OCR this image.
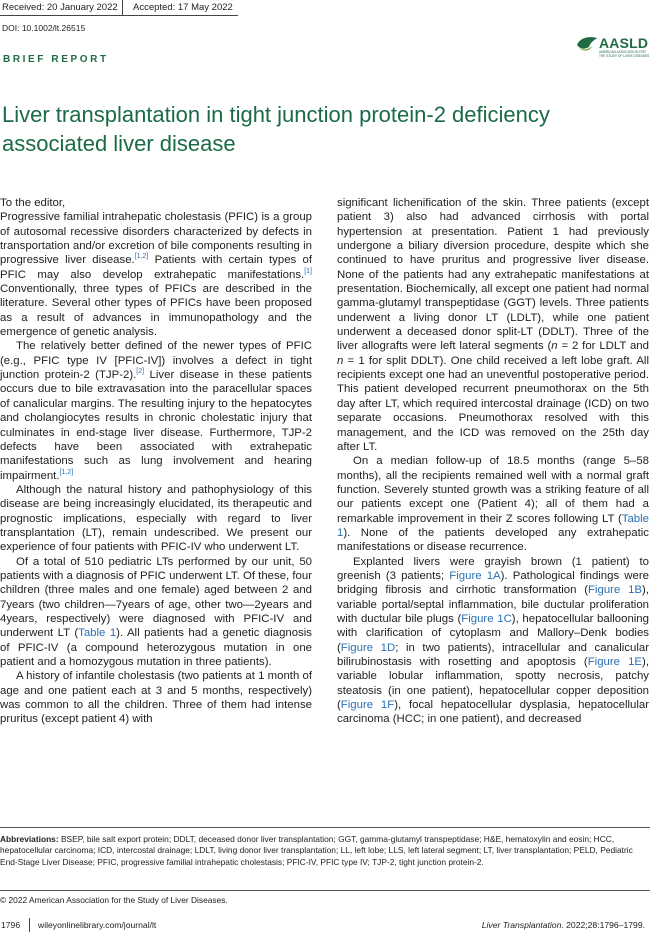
Received: 20 January 2022 Accepted: 17 May 2022
DOI: 10.1002/lt.26515
AASLD
AMERICAN ASSOCIATION FOR THE STUDY OF LIVER DISEASES
BRIEF REPORT
Liver transplantation in tight junction protein-2 deficiency associated liver disease

To the editor,

Progressive familial intrahepatic cholestasis (PFIC) is a group of autosomal recessive disorders characterized by defects in transportation and/or excretion of bile components resulting in progressive liver disease.[1,2] Patients with certain types of PFIC may also develop extrahepatic manifestations.[1] Conventionally, three types of PFICs are described in the literature. Several other types of PFICs have been proposed as a result of advances in immunopathology and the emergence of genetic analysis.

The relatively better defined of the newer types of PFIC (e.g., PFIC type IV [PFIC-IV]) involves a defect in tight junction protein-2 (TJP-2).[2] Liver disease in these patients occurs due to bile extravasation into the paracellular spaces of canalicular margins. The resulting injury to the hepatocytes and cholangiocytes results in chronic cholestatic injury that culminates in end-stage liver disease. Furthermore, TJP-2 defects have been associated with extrahepatic manifestations such as lung involvement and hearing impairment.[1,2]

Although the natural history and pathophysiology of this disease are being increasingly elucidated, its therapeutic and prognostic implications, especially with regard to liver transplantation (LT), remain undescribed. We present our experience of four patients with PFIC-IV who underwent LT.

Of a total of 510 pediatric LTs performed by our unit, 50 patients with a diagnosis of PFIC underwent LT. Of these, four children (three males and one female) aged between 2 and 7years (two children—7years of age, other two—2years and 4years, respectively) were diagnosed with PFIC-IV and underwent LT (Table 1). All patients had a genetic diagnosis of PFIC-IV (a compound heterozygous mutation in one patient and a homozygous mutation in three patients).

A history of infantile cholestasis (two patients at 1 month of age and one patient each at 3 and 5 months, respectively) was common to all the children. Three of them had intense pruritus (except patient 4) with

significant lichenification of the skin. Three patients (except patient 3) also had advanced cirrhosis with portal hypertension at presentation. Patient 1 had previously undergone a biliary diversion procedure, despite which she continued to have pruritus and progressive liver disease. None of the patients had any extrahepatic manifestations at presentation. Biochemically, all except one patient had normal gamma-glutamyl transpeptidase (GGT) levels. Three patients underwent a living donor LT (LDLT), while one patient underwent a deceased donor split-LT (DDLT). Three of the liver allografts were left lateral segments (n = 2 for LDLT and n = 1 for split DDLT). One child received a left lobe graft. All recipients except one had an uneventful postoperative period. This patient developed recurrent pneumothorax on the 5th day after LT, which required intercostal drainage (ICD) on two separate occasions. Pneumothorax resolved with this management, and the ICD was removed on the 25th day after LT.

On a median follow-up of 18.5 months (range 5–58 months), all the recipients remained well with a normal graft function. Severely stunted growth was a striking feature of all our patients except one (Patient 4); all of them had a remarkable improvement in their Z scores following LT (Table 1). None of the patients developed any extrahepatic manifestations or disease recurrence.

Explanted livers were grayish brown (1 patient) to greenish (3 patients; Figure 1A). Pathological findings were bridging fibrosis and cirrhotic transformation (Figure 1B), variable portal/septal inflammation, bile ductular proliferation with ductular bile plugs (Figure 1C), hepatocellular ballooning with clarification of cytoplasm and Mallory–Denk bodies (Figure 1D; in two patients), intracellular and canalicular bilirubinostasis with rosetting and apoptosis (Figure 1E), variable lobular inflammation, spotty necrosis, patchy steatosis (in one patient), hepatocellular copper deposition (Figure 1F), focal hepatocellular dysplasia, hepatocellular carcinoma (HCC; in one patient), and decreased

Abbreviations: BSEP, bile salt export protein; DDLT, deceased donor liver transplantation; GGT, gamma-glutamyl transpeptidase; H&E, hematoxylin and eosin; HCC, hepatocellular carcinoma; ICD, intercostal drainage; LDLT, living donor liver transplantation; LL, left lobe; LLS, left lateral segment; LT, liver transplantation; PELD, Pediatric End-Stage Liver Disease; PFIC, progressive familial intrahepatic cholestasis; PFIC-IV, PFIC type IV; TJP-2, tight junction protein-2.

© 2022 American Association for the Study of Liver Diseases.
1796 wileyonlinelibrary.com/journal/lt	Liver Transplantation. 2022;28:1796–1799.
